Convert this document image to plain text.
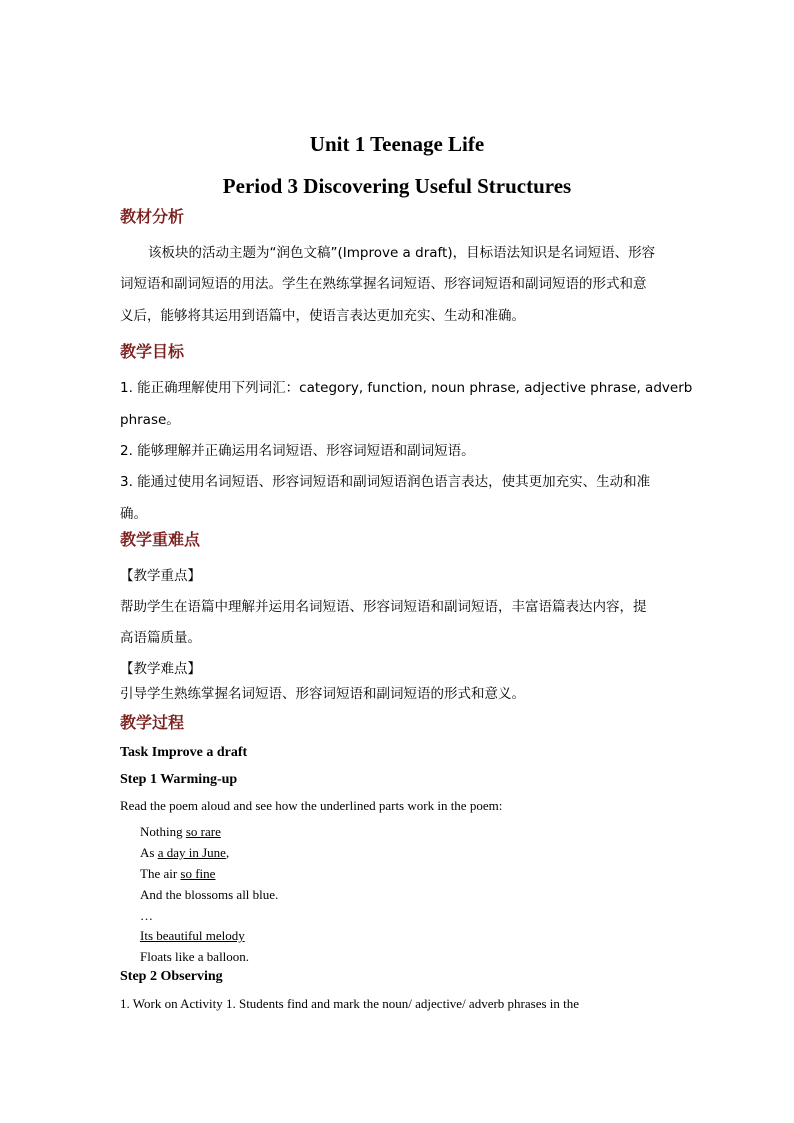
Unit 1 Teenage Life
Period 3 Discovering Useful Structures
教材分析
该板块的活动主题为“润色文稿”(Improve a draft)，目标语法知识是名词短语、形容
词短语和副词短语的用法。学生在熟练掌握名词短语、形容词短语和副词短语的形式和意
义后，能够将其运用到语篇中，使语言表达更加充实、生动和准确。
教学目标
1. 能正确理解使用下列词汇：category, function, noun phrase, adjective phrase, adverb
phrase。
2. 能够理解并正确运用名词短语、形容词短语和副词短语。
3. 能通过使用名词短语、形容词短语和副词短语润色语言表达，使其更加充实、生动和准
确。
教学重难点
【教学重点】
帮助学生在语篇中理解并运用名词短语、形容词短语和副词短语，丰富语篇表达内容，提
高语篇质量。
【教学难点】
引导学生熟练掌握名词短语、形容词短语和副词短语的形式和意义。
教学过程
Task Improve a draft
Step 1 Warming-up
Read the poem aloud and see how the underlined parts work in the poem:
Nothing so rare
As a day in June,
The air so fine
And the blossoms all blue.
…
Its beautiful melody
Floats like a balloon.
Step 2 Observing
1. Work on Activity 1. Students find and mark the noun/ adjective/ adverb phrases in the
